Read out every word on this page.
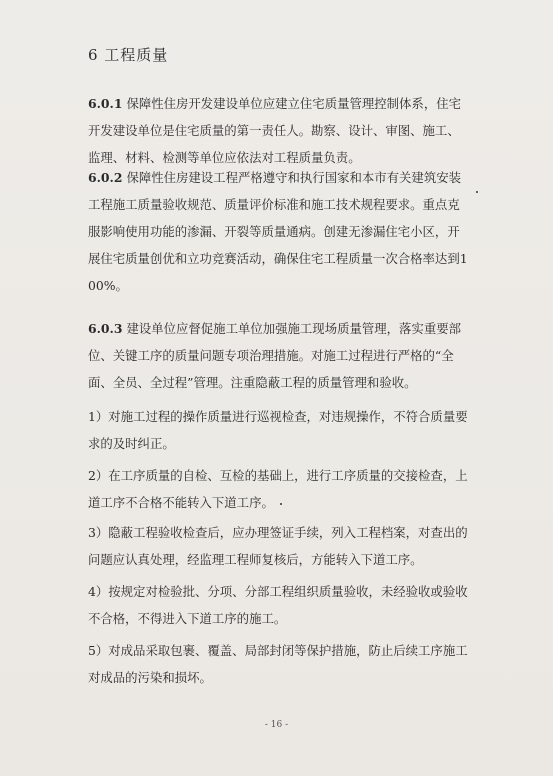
6 工程质量

6.0.1 保障性住房开发建设单位应建立住宅质量管理控制体系，住宅开发建设单位是住宅质量的第一责任人。勘察、设计、审图、施工、监理、材料、检测等单位应依法对工程质量负责。

6.0.2 保障性住房建设工程严格遵守和执行国家和本市有关建筑安装工程施工质量验收规范、质量评价标准和施工技术规程要求。重点克服影响使用功能的渗漏、开裂等质量通病。创建无渗漏住宅小区，开展住宅质量创优和立功竞赛活动，确保住宅工程质量一次合格率达到100%。

6.0.3 建设单位应督促施工单位加强施工现场质量管理，落实重要部位、关键工序的质量问题专项治理措施。对施工过程进行严格的“全面、全员、全过程”管理。注重隐蔽工程的质量管理和验收。

1）对施工过程的操作质量进行巡视检查，对违规操作，不符合质量要求的及时纠正。

2）在工序质量的自检、互检的基础上，进行工序质量的交接检查，上道工序不合格不能转入下道工序。

3）隐蔽工程验收检查后，应办理签证手续，列入工程档案，对查出的问题应认真处理，经监理工程师复核后，方能转入下道工序。

4）按规定对检验批、分项、分部工程组织质量验收，未经验收或验收不合格，不得进入下道工序的施工。

5）对成品采取包裹、覆盖、局部封闭等保护措施，防止后续工序施工对成品的污染和损坏。

- 16 -
